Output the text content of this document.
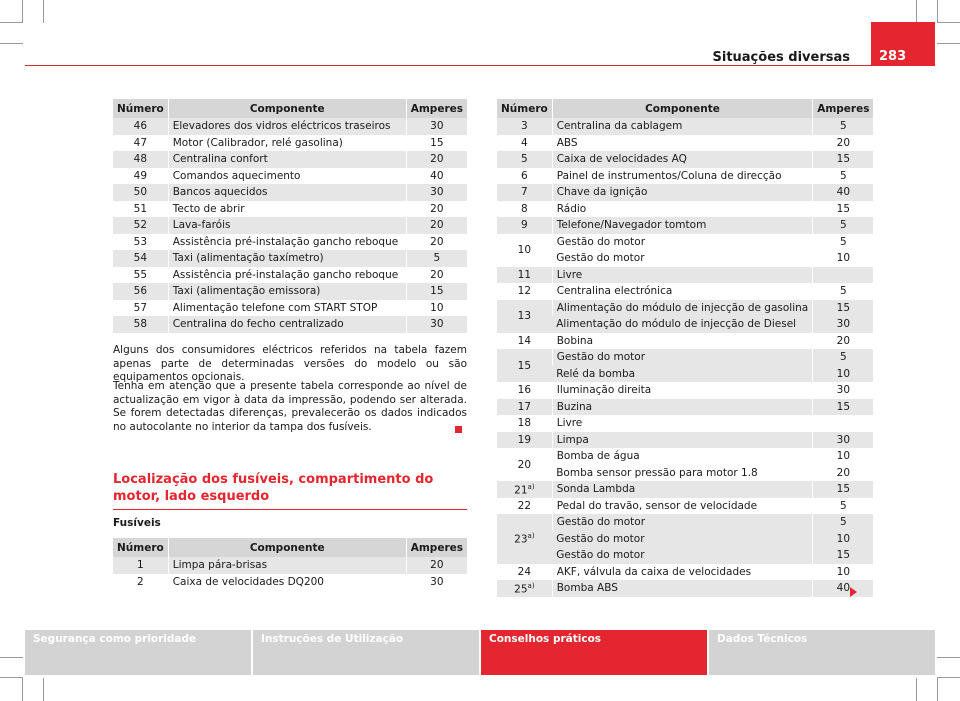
Situações diversas 283
Número	Componente	Amperes
46	Elevadores dos vidros eléctricos traseiros	30
47	Motor (Calibrador, relé gasolina)	15
48	Centralina confort	20
49	Comandos aquecimento	40
50	Bancos aquecidos	30
51	Tecto de abrir	20
52	Lava-faróis	20
53	Assistência pré-instalação gancho reboque	20
54	Taxi (alimentação taxímetro)	5
55	Assistência pré-instalação gancho reboque	20
56	Taxi (alimentação emissora)	15
57	Alimentação telefone com START STOP	10
58	Centralina do fecho centralizado	30

Alguns dos consumidores eléctricos referidos na tabela fazem apenas parte de determinadas versões do modelo ou são equipamentos opcionais.

Tenha em atenção que a presente tabela corresponde ao nível de actualização em vigor à data da impressão, podendo ser alterada. Se forem detectadas diferenças, prevalecerão os dados indicados no autocolante no interior da tampa dos fusíveis.

Localização dos fusíveis, compartimento do motor, lado esquerdo
Fusíveis
Número	Componente	Amperes
1	Limpa pára-brisas	20
2	Caixa de velocidades DQ200	30
Número	Componente	Amperes
3	Centralina da cablagem	5
4	ABS	20
5	Caixa de velocidades AQ	15
6	Painel de instrumentos/Coluna de direcção	5
7	Chave da ignição	40
8	Rádio	15
9	Telefone/Navegador tomtom	5
10	Gestão do motor	5
	Gestão do motor	10
11	Livre	
12	Centralina electrónica	5
13	Alimentação do módulo de injecção de gasolina	15
	Alimentação do módulo de injecção de Diesel	30
14	Bobina	20
15	Gestão do motor	5
	Relé da bomba	10
16	Iluminação direita	30
17	Buzina	15
18	Livre	
19	Limpa	30
20	Bomba de água	10
	Bomba sensor pressão para motor 1.8	20
21$^{a)}$	Sonda Lambda	15
22	Pedal do travão, sensor de velocidade	5
23$^{a)}$	Gestão do motor	5
	Gestão do motor	10
	Gestão do motor	15
24	AKF, válvula da caixa de velocidades	10
25$^{a)}$	Bomba ABS	40
Segurança como prioridade	Instruções de Utilização	Conselhos práticos	Dados Técnicos
